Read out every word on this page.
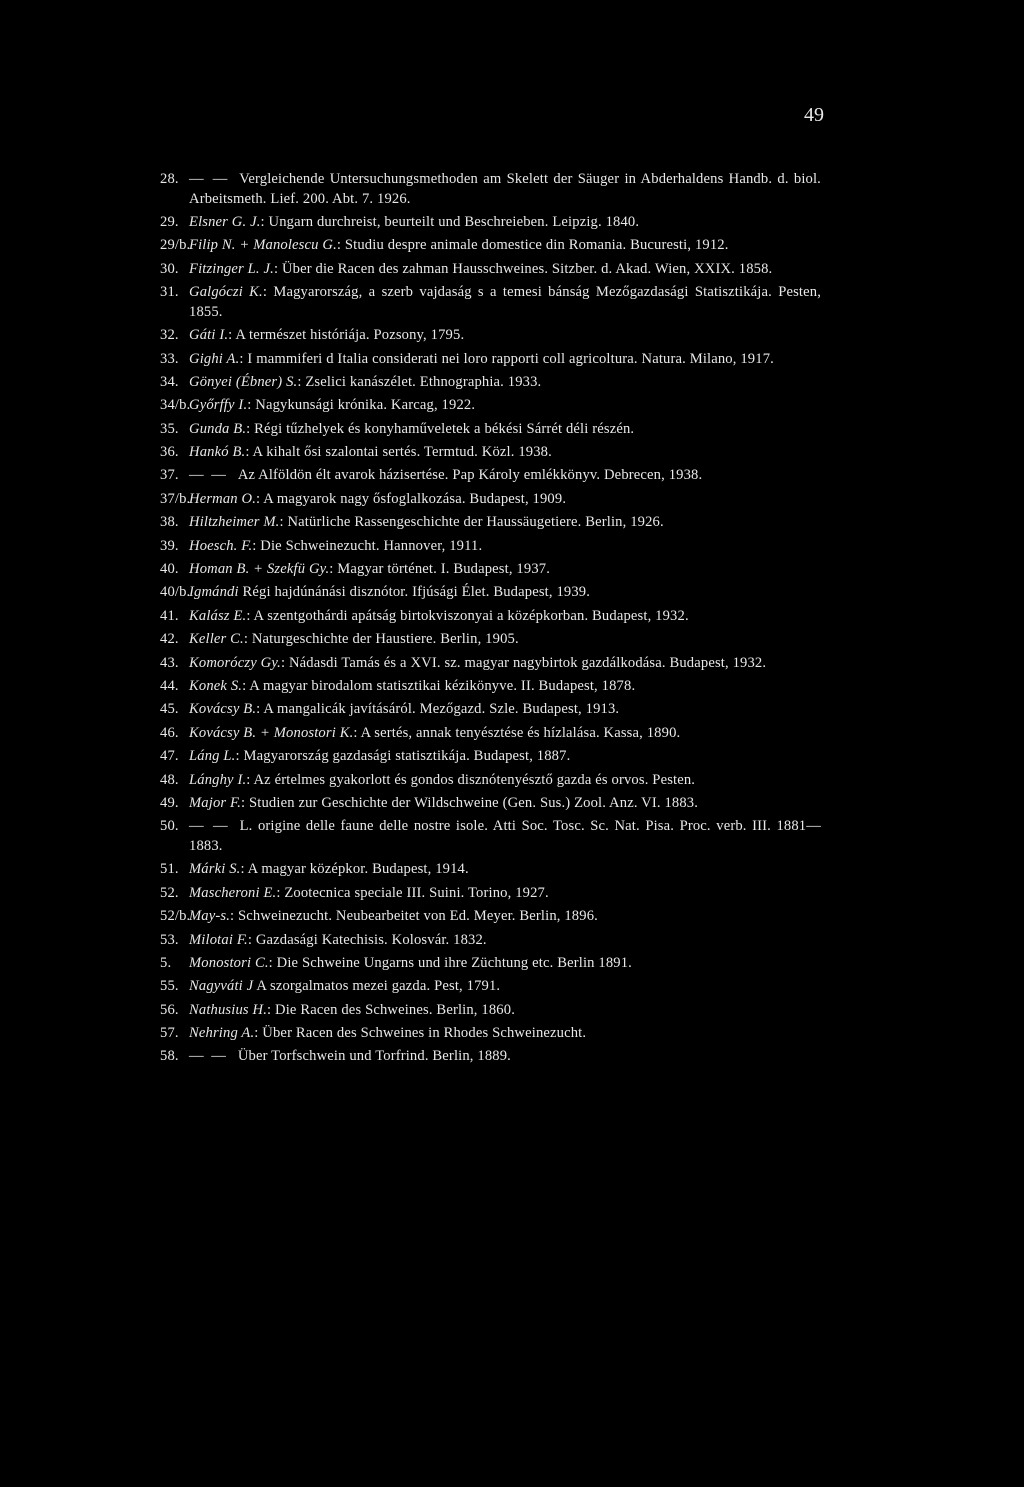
49
28. — — Vergleichende Untersuchungsmethoden am Skelett der Säuger in Abderhaldens Handb. d. biol. Arbeitsmeth. Lief. 200. Abt. 7. 1926.
29. Elsner G. J.: Ungarn durchreist, beurteilt und Beschreieben. Leipzig. 1840.
29/b.
Filip N. + Manolescu G.: Studiu despre animale domestice din Romania. Bucuresti, 1912.
30. Fitzinger L. J.: Über die Racen des zahman Hausschweines. Sitzber. d. Akad. Wien, XXIX. 1858.
31. Galgóczi K.: Magyarország, a szerb vajdaság s a temesi bánság Mezőgazdasági Statisztikája. Pesten, 1855.
32. Gáti I.: A természet históriája. Pozsony, 1795.
33. Gighi A.: I mammiferi d Italia considerati nei loro rapporti coll agricoltura. Natura. Milano, 1917.
34. Gönyei (Ébner) S.: Zselici kanászélet. Ethnographia. 1933.
34/b.
Győrffy I.: Nagykunsági krónika. Karcag, 1922.
35. Gunda B.: Régi tűzhelyek és konyhaműveletek a békési Sárrét déli részén.
36. Hankó B.: A kihalt ősi szalontai sertés. Termtud. Közl. 1938.
37. — — Az Alföldön élt avarok házisertése. Pap Károly emlékkönyv. Debrecen, 1938.
37/b.
Herman O.: A magyarok nagy ősfoglalkozása. Budapest, 1909.
38. Hiltzheimer M.: Natürliche Rassengeschichte der Haussäugetiere. Berlin, 1926.
39. Hoesch. F.: Die Schweinezucht. Hannover, 1911.
40. Homan B. + Szekfü Gy.: Magyar történet. I. Budapest, 1937.
40/b.
Igmándi Régi hajdúnánási disznótor. Ifjúsági Élet. Budapest, 1939.
41. Kalász E.: A szentgothárdi apátság birtokviszonyai a középkorban. Budapest, 1932.
42. Keller C.: Naturgeschichte der Haustiere. Berlin, 1905.
43. Komoróczy Gy.: Nádasdi Tamás és a XVI. sz. magyar nagybirtok gazdálkodása. Budapest, 1932.
44. Konek S.: A magyar birodalom statisztikai kézikönyve. II. Budapest, 1878.
45. Kovácsy B.: A mangalicák javításáról. Mezőgazd. Szle. Budapest, 1913.
46. Kovácsy B. + Monostori K.: A sertés, annak tenyésztése és hízlalása. Kassa, 1890.
47. Láng L.: Magyarország gazdasági statisztikája. Budapest, 1887.
48. Lánghy I.: Az értelmes gyakorlott és gondos disznótenyésztő gazda és orvos. Pesten.
49. Major F.: Studien zur Geschichte der Wildschweine (Gen. Sus.) Zool. Anz. VI. 1883.
50. — — L. origine delle faune delle nostre isole. Atti Soc. Tosc. Sc. Nat. Pisa. Proc. verb. III. 1881—1883.
51. Márki S.: A magyar középkor. Budapest, 1914.
52. Mascheroni E.: Zootecnica speciale III. Suini. Torino, 1927.
52/b.
May-s.: Schweinezucht. Neubearbeitet von Ed. Meyer. Berlin, 1896.
53. Milotai F.: Gazdasági Katechisis. Kolosvár. 1832.
5. Monostori C.: Die Schweine Ungarns und ihre Züchtung etc. Berlin 1891.
55. Nagyváti J A szorgalmatos mezei gazda. Pest, 1791.
56. Nathusius H.: Die Racen des Schweines. Berlin, 1860.
57. Nehring A.: Über Racen des Schweines in Rhodes Schweinezucht.
58. — — Über Torfschwein und Torfrind. Berlin, 1889.
